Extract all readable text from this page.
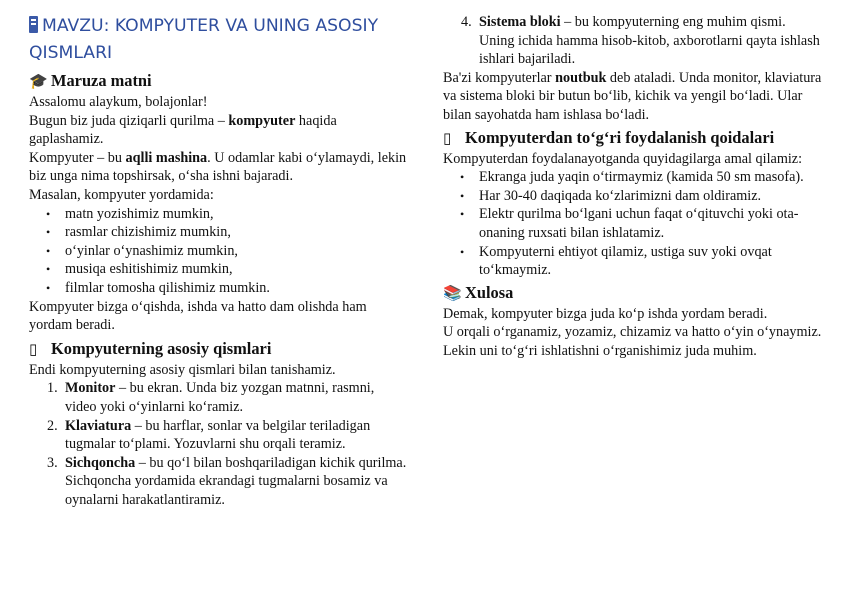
MAVZU: KOMPYUTER VA UNING ASOSIY QISMLARI
🎓 Maruza matni

Assalomu alaykum, bolajonlar!

Bugun biz juda qiziqarli qurilma – kompyuter haqida gaplashamiz.

Kompyuter – bu aqlli mashina. U odamlar kabi o‘ylamaydi, lekin biz unga nima topshirsak, o‘sha ishni bajaradi.

Masalan, kompyuter yordamida:

• matn yozishimiz mumkin,
• rasmlar chizishimiz mumkin,
• o‘yinlar o‘ynashimiz mumkin,
• musiqa eshitishimiz mumkin,
• filmlar tomosha qilishimiz mumkin.

Kompyuter bizga o‘qishda, ishda va hatto dam olishda ham yordam beradi.

▯ Kompyuterning asosiy qismlari

Endi kompyuterning asosiy qismlari bilan tanishamiz.

1. Monitor – bu ekran. Unda biz yozgan matnni, rasmni, video yoki o‘yinlarni ko‘ramiz.
2. Klaviatura – bu harflar, sonlar va belgilar teriladigan tugmalar to‘plami. Yozuvlarni shu orqali teramiz.
3. Sichqoncha – bu qo‘l bilan boshqariladigan kichik qurilma. Sichqoncha yordamida ekrandagi tugmalarni bosamiz va oynalarni harakatlantiramiz.
4. Sistema bloki – bu kompyuterning eng muhim qismi. Uning ichida hamma hisob-kitob, axborotlarni qayta ishlash ishlari bajariladi.

Ba'zi kompyuterlar noutbuk deb ataladi. Unda monitor, klaviatura va sistema bloki bir butun bo‘lib, kichik va yengil bo‘ladi. Ular bilan sayohatda ham ishlasa bo‘ladi.

▯ Kompyuterdan to‘g‘ri foydalanish qoidalari

Kompyuterdan foydalanayotganda quyidagilarga amal qilamiz:

• Ekranga juda yaqin o‘tirmaymiz (kamida 50 sm masofa).
• Har 30-40 daqiqada ko‘zlarimizni dam oldiramiz.
• Elektr qurilma bo‘lgani uchun faqat o‘qituvchi yoki ota-onaning ruxsati bilan ishlatamiz.
• Kompyuterni ehtiyot qilamiz, ustiga suv yoki ovqat to‘kmaymiz.
📚 Xulosa

Demak, kompyuter bizga juda ko‘p ishda yordam beradi.

U orqali o‘rganamiz, yozamiz, chizamiz va hatto o‘yin o‘ynaymiz. Lekin uni to‘g‘ri ishlatishni o‘rganishimiz juda muhim.
